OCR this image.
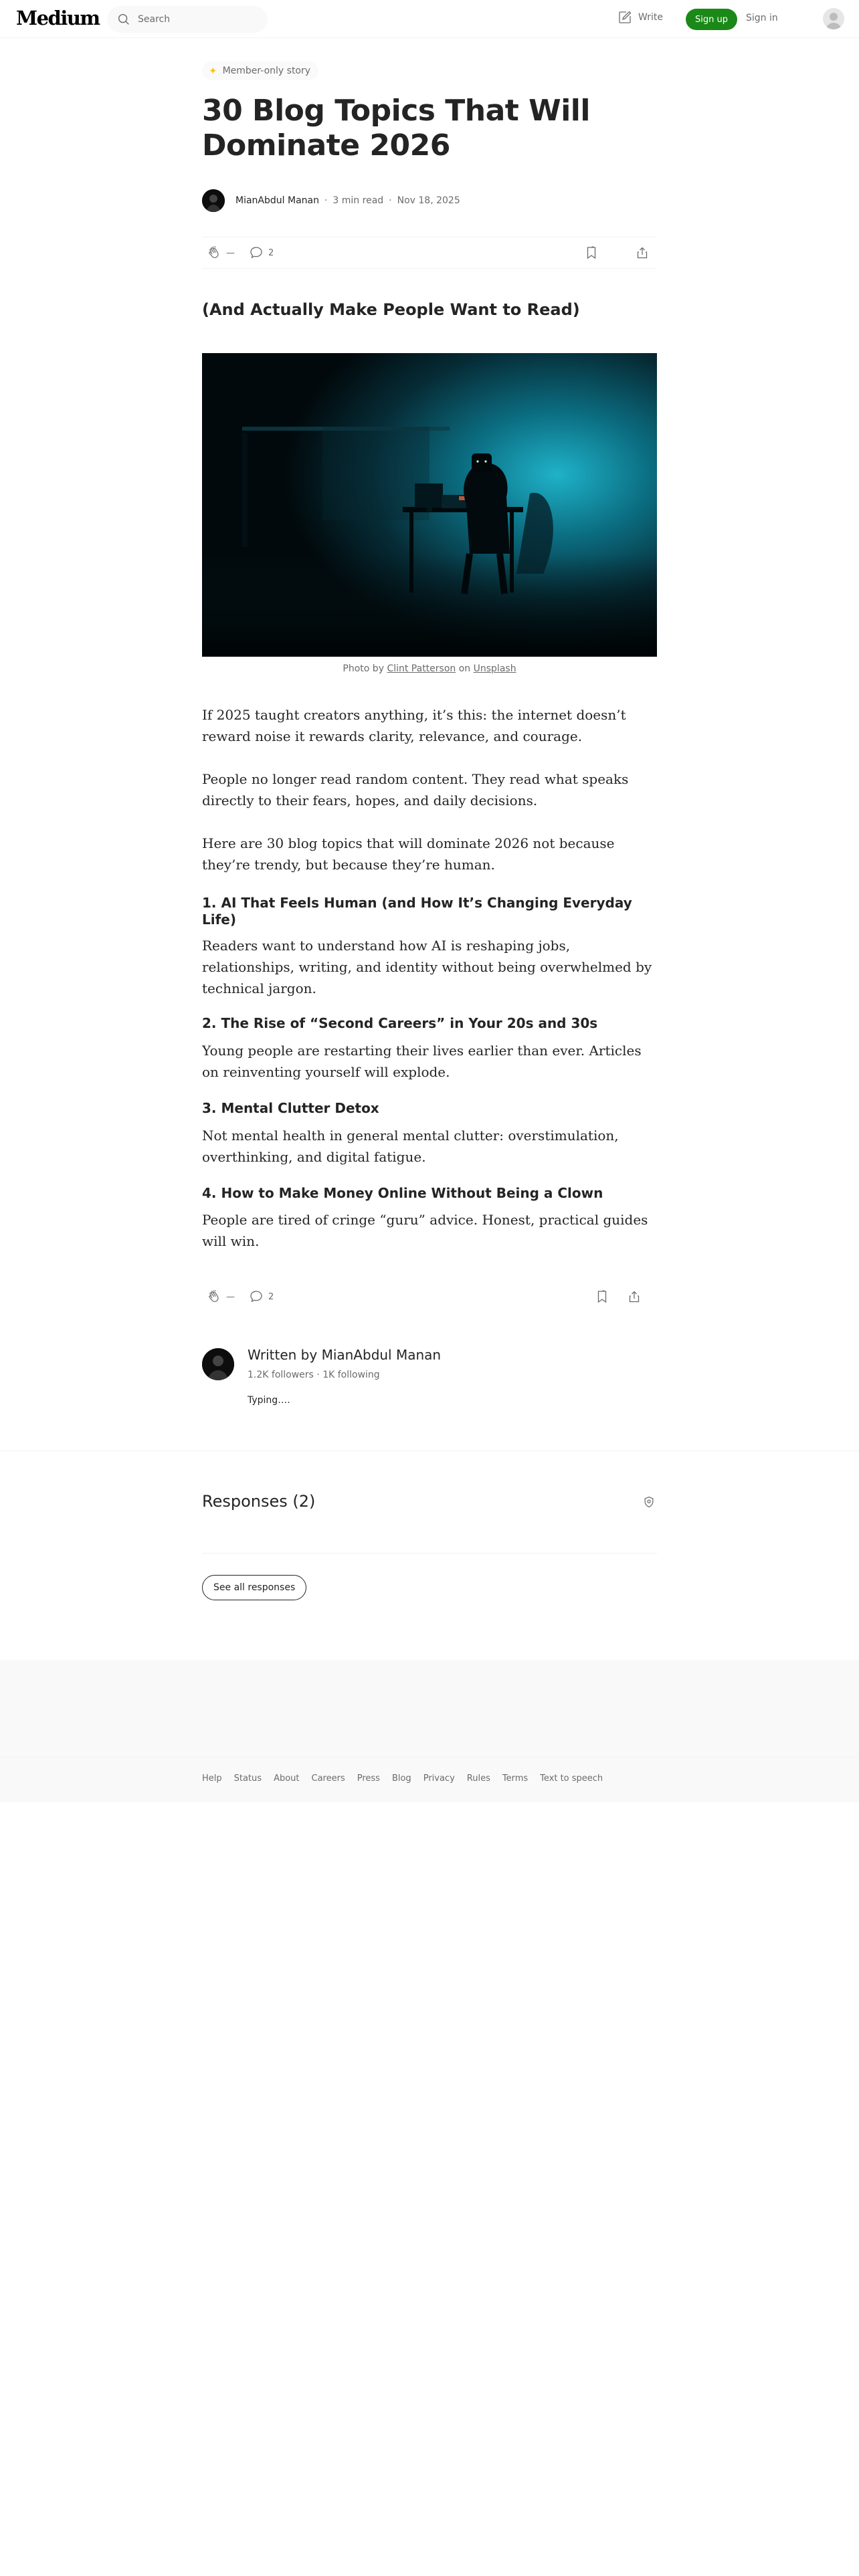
Medium
Search	Write	Sign up	Sign in
✦ Member-only story
30 Blog Topics That Will Dominate 2026
MianAbdul Manan · 3 min read · Nov 18, 2025
—	2
(And Actually Make People Want to Read)
Photo by Clint Patterson on Unsplash
If 2025 taught creators anything, it’s this: the internet doesn’t reward noise it rewards clarity, relevance, and courage.
People no longer read random content. They read what speaks directly to their fears, hopes, and daily decisions.
Here are 30 blog topics that will dominate 2026 not because they’re trendy, but because they’re human.
1. AI That Feels Human (and How It’s Changing Everyday Life)
Readers want to understand how AI is reshaping jobs, relationships, writing, and identity without being overwhelmed by technical jargon.
2. The Rise of “Second Careers” in Your 20s and 30s
Young people are restarting their lives earlier than ever. Articles on reinventing yourself will explode.
3. Mental Clutter Detox
Not mental health in general mental clutter: overstimulation, overthinking, and digital fatigue.
4. How to Make Money Online Without Being a Clown
People are tired of cringe “guru” advice. Honest, practical guides will win.
—	2
Written by MianAbdul Manan
1.2K followers · 1K following
Typing….
Responses (2)
See all responses
Help Status About Careers Press Blog Privacy Rules Terms Text to speech
